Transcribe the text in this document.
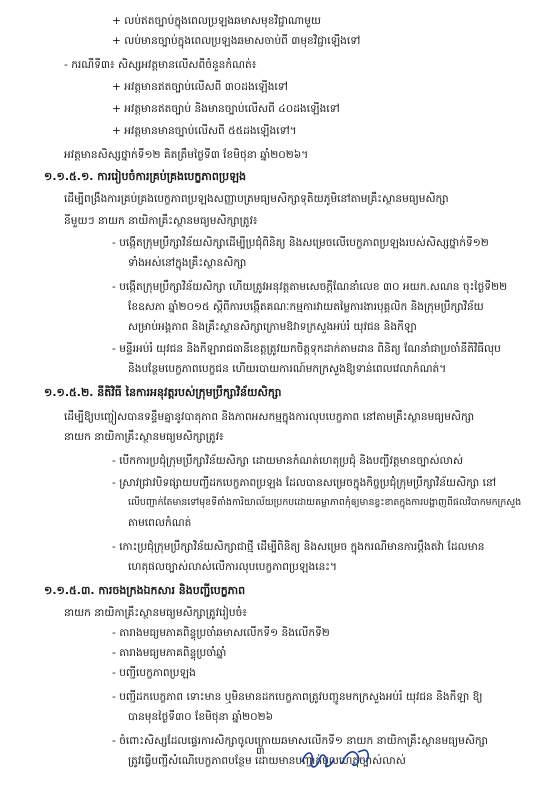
+ លប់ឥតច្បាប់ក្នុងពេលប្រឡងឆមាសមុខវិជ្ជាណាមួយ
+ លប់មានច្បាប់ក្នុងពេលប្រឡងឆមាសចាប់ពី ៣មុខវិជ្ជាឡើងទៅ
- ករណីទី៣៖ សិស្សអវត្តមានលើសពីចំនួនកំណត់៖
+ អវត្តមានឥតច្បាប់លើសពី ៣០ដងឡើងទៅ
+ អវត្តមានឥតច្បាប់ និងមានច្បាប់លើសពី ៤០ដងឡើងទៅ
+ អវត្តមានមានច្បាប់លើសពី ៥៥ដងឡើងទៅ។
អវត្តមានសិស្សថ្នាក់ទី១២ គិតត្រឹមថ្ងៃទី៣ ខែមិថុនា ឆ្នាំ២០២៦។
១.១.៥.១. ការរៀបចំការគ្រប់គ្រងបេក្ខភាពប្រឡង
ដើម្បីពង្រឹងការគ្រប់គ្រងបេក្ខភាពប្រឡងសញ្ញាបត្រមធ្យមសិក្សាទុតិយភូមិនៅតាមគ្រឹះស្ថានមធ្យមសិក្សា
នីមួយៗ នាយក នាយិកាគ្រឹះស្ថានមធ្យមសិក្សាត្រូវ៖
- បង្កើតក្រុមប្រឹក្សាវិន័យសិក្សាដើម្បីប្រជុំពិនិត្យ និងសម្រេចលើបេក្ខភាពប្រឡងរបស់សិស្សថ្នាក់ទី១២
ទាំងអស់នៅក្នុងគ្រឹះស្ថានសិក្សា
- បង្កើតក្រុមប្រឹក្សាវិន័យសិក្សា ហើយត្រូវអនុវត្តតាមសេចក្តីណែនាំលេខ ៣០ អយក.សណន ចុះថ្ងៃទី២២
ខែឧសភា ឆ្នាំ២០១៥ ស្តីពីការបង្កើតគណៈកម្មការវាយតម្លៃការងារបុគ្គលិក និងក្រុមប្រឹក្សាវិន័យ
សម្រាប់អង្គភាព និងគ្រឹះស្ថានសិក្សាក្រោមឱវាទក្រសួងអប់រំ យុវជន និងកីឡា
- មន្ទីរអប់រំ យុវជន និងកីឡារាជធានីខេត្តត្រូវយកចិត្តទុកដាក់តាមដាន ពិនិត្យ ណែនាំជាប្រចាំនីតិវិធីលុប
និងបន្ថែមបេក្ខភាពបេក្ខជន ហើយរបាយការណ៍មកក្រសួងឱ្យទាន់ពេលវេលាកំណត់។
១.១.៥.២. នីតិវិធី នៃការអនុវត្តរបស់ក្រុមប្រឹក្សាវិន័យសិក្សា
ដើម្បីឱ្យបញ្ចៀសបានទន្ទឹមគ្នានូវបាតុភាព និងភាពអសកម្មក្នុងការលុបបេក្ខភាព នៅតាមគ្រឹះស្ថានមធ្យមសិក្សា
នាយក នាយិកាគ្រឹះស្ថានមធ្យមសិក្សាត្រូវ៖
- បើកការប្រជុំក្រុមប្រឹក្សាវិន័យសិក្សា ដោយមានកំណត់ហេតុប្រជុំ និងបញ្ជីវត្តមានច្បាស់លាស់
- ស្រាវជ្រាវបិទផ្សាយបញ្ជីដកបេក្ខភាពប្រឡង ដែលបានសម្រេចក្នុងកិច្ចប្រជុំក្រុមប្រឹក្សាវិន័យសិក្សា នៅ
លើបញ្ជាក់តែមានទៅមុខទីតាំងការិយាល័យប្រកបដោយតម្លាភាពកុំឲ្យមានខ្វះខាតក្នុងការបង្ហាញពីផលវិបាកមកក្រសួង
តាមពេលកំណត់
- កោះប្រជុំក្រុមប្រឹក្សាវិន័យសិក្សាជាថ្មី ដើម្បីពិនិត្យ និងសម្រេច ក្នុងករណីមានការប្តឹងតវ៉ា ដែលមាន
ហេតុផលច្បាស់លាស់លើការលុបបេក្ខភាពប្រឡងនេះ។
១.១.៥.៣. ការចងក្រងឯកសារ និងបញ្ជីបេក្ខភាព
នាយក នាយិកាគ្រឹះស្ថានមធ្យមសិក្សាត្រូវរៀបចំ៖
- តារាងមធ្យមភាគពិន្ទុប្រចាំឆមាសលើកទី១ និងលើកទី២
- តារាងមធ្យមភាគពិន្ទុប្រចាំឆ្នាំ
- បញ្ជីបេក្ខភាពប្រឡង
- បញ្ជីដកបេក្ខភាព ទោះមាន ឬមិនមានដកបេក្ខភាពត្រូវបញ្ជូនមកក្រសួងអប់រំ យុវជន និងកីឡា ឱ្យ
បានមុនថ្ងៃទី៣០ ខែមិថុនា ឆ្នាំ២០២៦
- ចំពោះសិស្សដែលផ្ទេរការសិក្សាចូលក្រោយឆមាសលើកទី១ នាយក នាយិកាគ្រឹះស្ថានមធ្យមសិក្សា
ត្រូវធ្វើបញ្ជីសំណើបេក្ខភាពបន្ថែម ដោយមានបញ្ជាក់មូលហេតុច្បាស់លាស់
៣
